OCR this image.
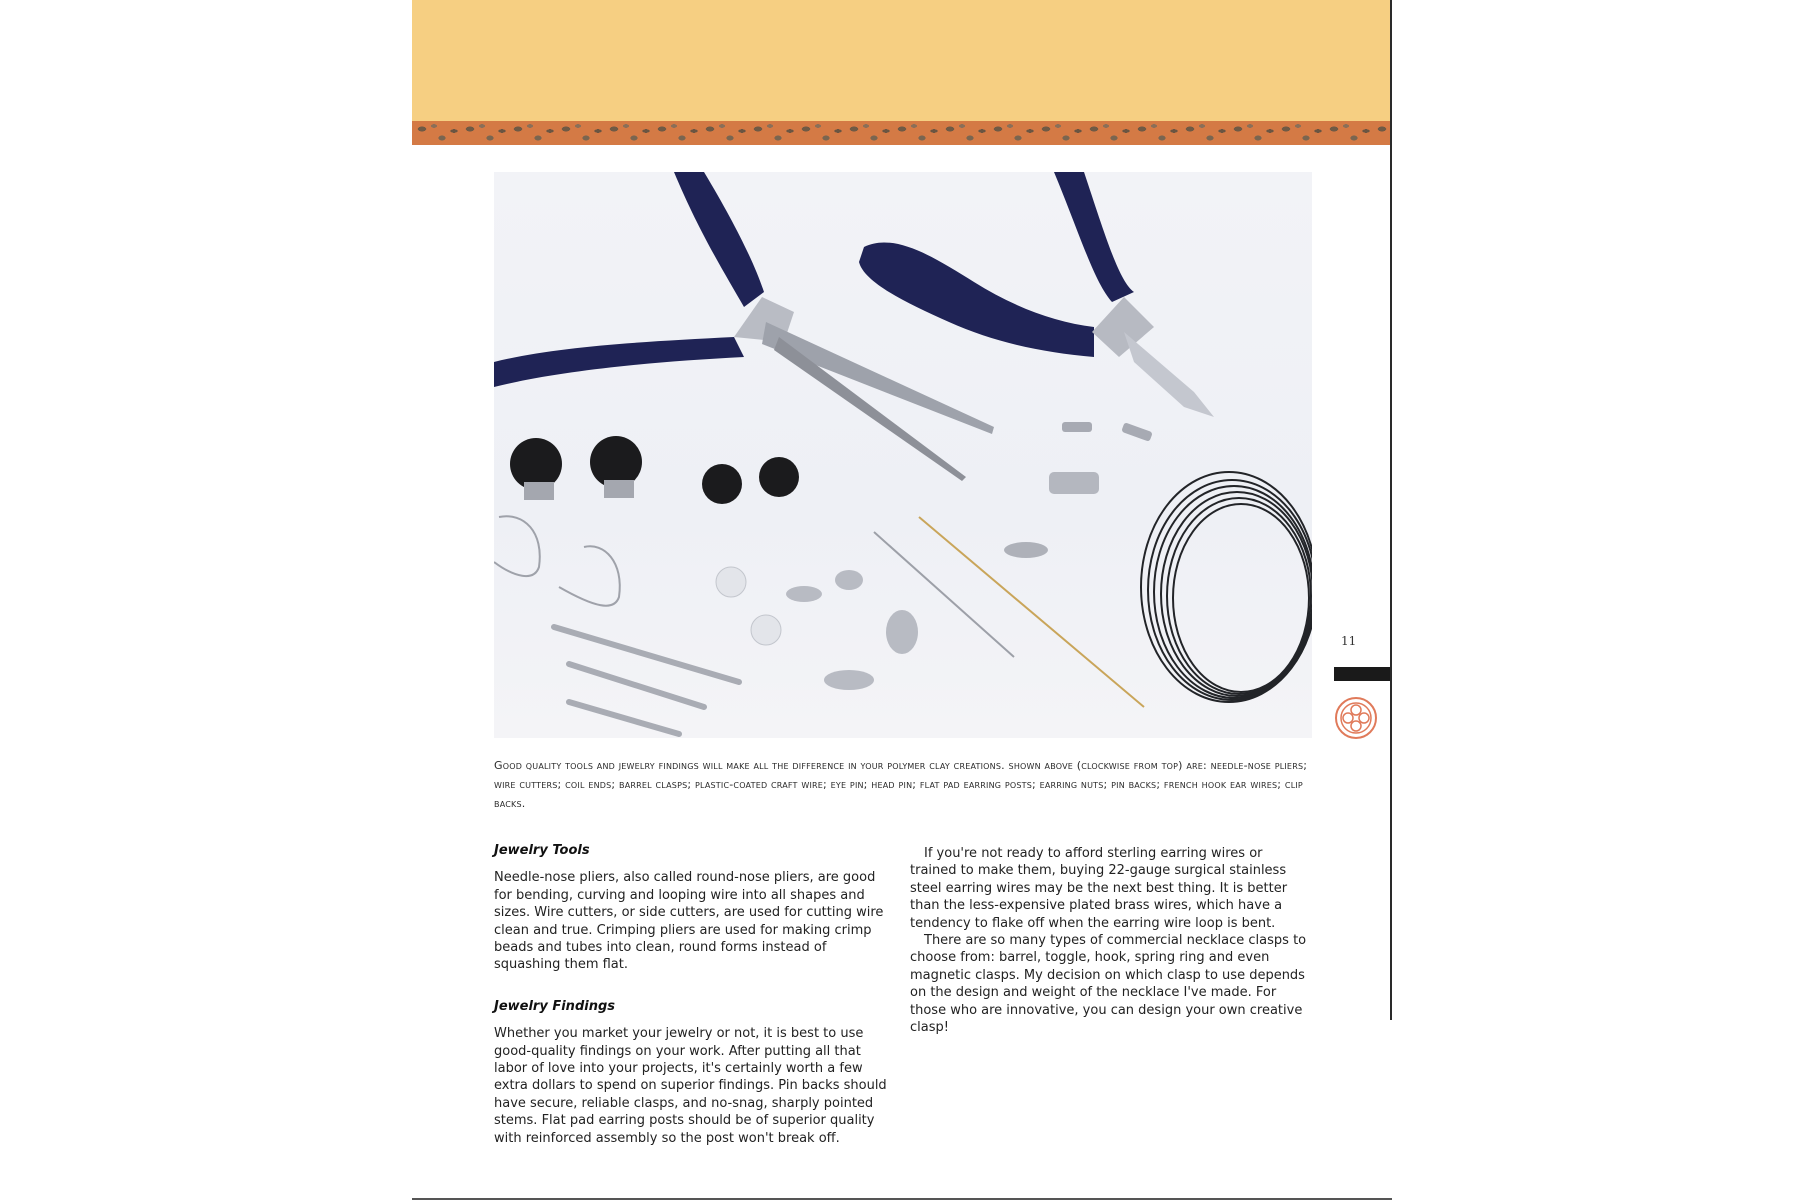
Good quality tools and jewelry findings will make all the difference in your polymer clay creations. shown above (clockwise from top) are: needle-nose pliers; wire cutters; coil ends; barrel clasps; plastic-coated craft wire; eye pin; head pin; flat pad earring posts; earring nuts; pin backs; french hook ear wires; clip backs.
Jewelry Tools

Needle-nose pliers, also called round-nose pliers, are good for bending, curving and looping wire into all shapes and sizes. Wire cutters, or side cutters, are used for cutting wire clean and true. Crimping pliers are used for making crimp beads and tubes into clean, round forms instead of squashing them flat.

Jewelry Findings

Whether you market your jewelry or not, it is best to use good-quality findings on your work. After putting all that labor of love into your projects, it's certainly worth a few extra dollars to spend on superior findings. Pin backs should have secure, reliable clasps, and no-snag, sharply pointed stems. Flat pad earring posts should be of superior quality with reinforced assembly so the post won't break off.

If you're not ready to afford sterling earring wires or trained to make them, buying 22-gauge surgical stainless steel earring wires may be the next best thing. It is better than the less-expensive plated brass wires, which have a tendency to flake off when the earring wire loop is bent.

There are so many types of commercial necklace clasps to choose from: barrel, toggle, hook, spring ring and even magnetic clasps. My decision on which clasp to use depends on the design and weight of the necklace I've made. For those who are innovative, you can design your own creative clasp!

11
